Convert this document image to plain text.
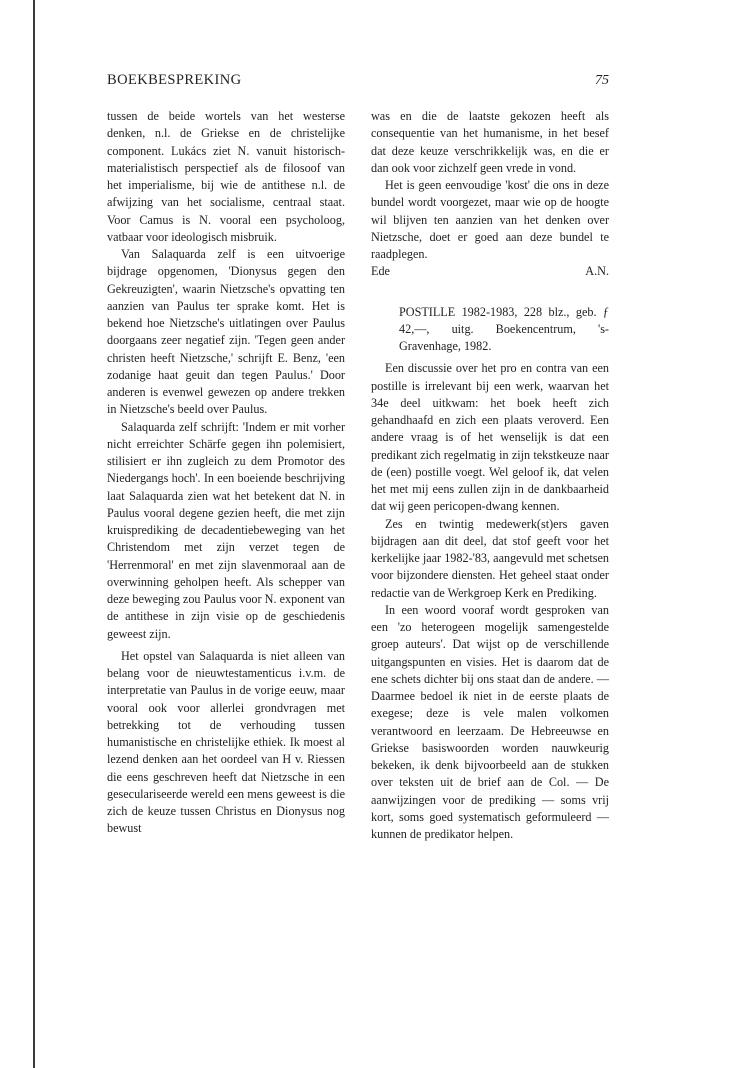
BOEKBESPREKING	75

tussen de beide wortels van het westerse denken, n.l. de Griekse en de christelijke component. Lukács ziet N. vanuit historisch-materialistisch perspectief als de filosoof van het imperialisme, bij wie de antithese n.l. de afwijzing van het socialisme, centraal staat. Voor Camus is N. vooral een psycholoog, vatbaar voor ideologisch misbruik.

Van Salaquarda zelf is een uitvoerige bijdrage opgenomen, 'Dionysus gegen den Gekreuzigten', waarin Nietzsche's opvatting ten aanzien van Paulus ter sprake komt. Het is bekend hoe Nietzsche's uitlatingen over Paulus doorgaans zeer negatief zijn. 'Tegen geen ander christen heeft Nietzsche,' schrijft E. Benz, 'een zodanige haat geuit dan tegen Paulus.' Door anderen is evenwel gewezen op andere trekken in Nietzsche's beeld over Paulus.

Salaquarda zelf schrijft: 'Indem er mit vorher nicht erreichter Schärfe gegen ihn polemisiert, stilisiert er ihn zugleich zu dem Promotor des Niedergangs hoch'. In een boeiende beschrijving laat Salaquarda zien wat het betekent dat N. in Paulus vooral degene gezien heeft, die met zijn kruisprediking de decadentiebeweging van het Christendom met zijn verzet tegen de 'Herrenmoral' en met zijn slavenmoraal aan de overwinning geholpen heeft. Als schepper van deze beweging zou Paulus voor N. exponent van de antithese in zijn visie op de geschiedenis geweest zijn.

Het opstel van Salaquarda is niet alleen van belang voor de nieuwtestamenticus i.v.m. de interpretatie van Paulus in de vorige eeuw, maar vooral ook voor allerlei grondvragen met betrekking tot de verhouding tussen humanistische en christelijke ethiek. Ik moest al lezend denken aan het oordeel van H v. Riessen die eens geschreven heeft dat Nietzsche in een geseculariseerde wereld een mens geweest is die zich de keuze tussen Christus en Dionysus nog bewust

was en die de laatste gekozen heeft als consequentie van het humanisme, in het besef dat deze keuze verschrikkelijk was, en die er dan ook voor zichzelf geen vrede in vond.

Het is geen eenvoudige 'kost' die ons in deze bundel wordt voorgezet, maar wie op de hoogte wil blijven ten aanzien van het denken over Nietzsche, doet er goed aan deze bundel te raadplegen.

Ede	A.N.

POSTILLE 1982-1983, 228 blz., geb. ƒ 42,—, uitg. Boekencentrum, 's-Gravenhage, 1982.

Een discussie over het pro en contra van een postille is irrelevant bij een werk, waarvan het 34e deel uitkwam: het boek heeft zich gehandhaafd en zich een plaats veroverd. Een andere vraag is of het wenselijk is dat een predikant zich regelmatig in zijn tekstkeuze naar de (een) postille voegt. Wel geloof ik, dat velen het met mij eens zullen zijn in de dankbaarheid dat wij geen pericopen-dwang kennen.

Zes en twintig medewerk(st)ers gaven bijdragen aan dit deel, dat stof geeft voor het kerkelijke jaar 1982-'83, aangevuld met schetsen voor bijzondere diensten. Het geheel staat onder redactie van de Werkgroep Kerk en Prediking.

In een woord vooraf wordt gesproken van een 'zo heterogeen mogelijk samengestelde groep auteurs'. Dat wijst op de verschillende uitgangspunten en visies. Het is daarom dat de ene schets dichter bij ons staat dan de andere. — Daarmee bedoel ik niet in de eerste plaats de exegese; deze is vele malen volkomen verantwoord en leerzaam. De Hebreeuwse en Griekse basiswoorden worden nauwkeurig bekeken, ik denk bijvoorbeeld aan de stukken over teksten uit de brief aan de Col. — De aanwijzingen voor de prediking — soms vrij kort, soms goed systematisch geformuleerd — kunnen de predikator helpen.
